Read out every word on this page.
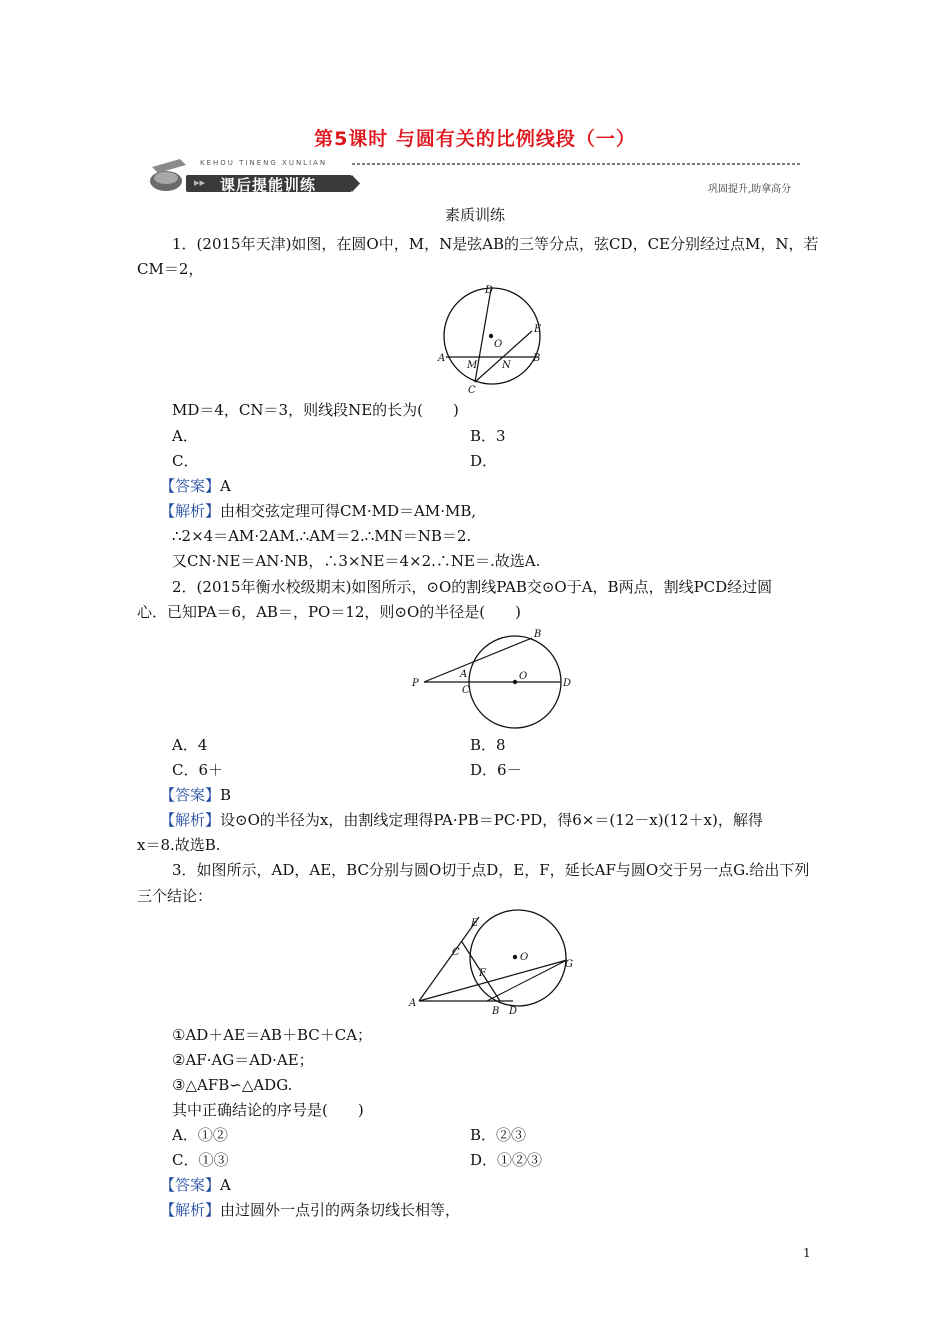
第5课时 与圆有关的比例线段（一）
KEHOU TINENG XUNLIAN
▸▸ 课后提能训练	巩固提升,助拿高分
素质训练
1．(2015年天津)如图，在圆O中，M，N是弦AB的三等分点，弦CD，CE分别经过点M，N，若
CM＝2，
D
E
O
A
M N
B
C
MD＝4，CN＝3，则线段NE的长为(　　)
A．	B．3
C．	D．
【答案】A
【解析】由相交弦定理可得CM·MD＝AM·MB,
∴2×4＝AM·2AM.∴AM＝2.∴MN＝NB＝2.
又CN·NE＝AN·NB，∴3×NE＝4×2.∴NE＝.故选A.
2．(2015年衡水校级期末)如图所示，⊙O的割线PAB交⊙O于A，B两点，割线PCD经过圆
心．已知PA＝6，AB＝，PO＝12，则⊙O的半径是(　　)
P
A
B
C
O
D
A．4	B．8
C．6＋	D．6－
【答案】B
【解析】设⊙O的半径为x，由割线定理得PA·PB＝PC·PD，得6×＝(12－x)(12＋x)，解得
x＝8.故选B.
3．如图所示，AD，AE，BC分别与圆O切于点D，E，F，延长AF与圆O交于另一点G.给出下列
三个结论：
E
C	O
G
F
A
B D
①AD＋AE＝AB＋BC＋CA；
②AF·AG＝AD·AE；
③△AFB∽△ADG.
其中正确结论的序号是(　　)
A．①②	B．②③
C．①③	D．①②③
【答案】A
【解析】由过圆外一点引的两条切线长相等，
1
